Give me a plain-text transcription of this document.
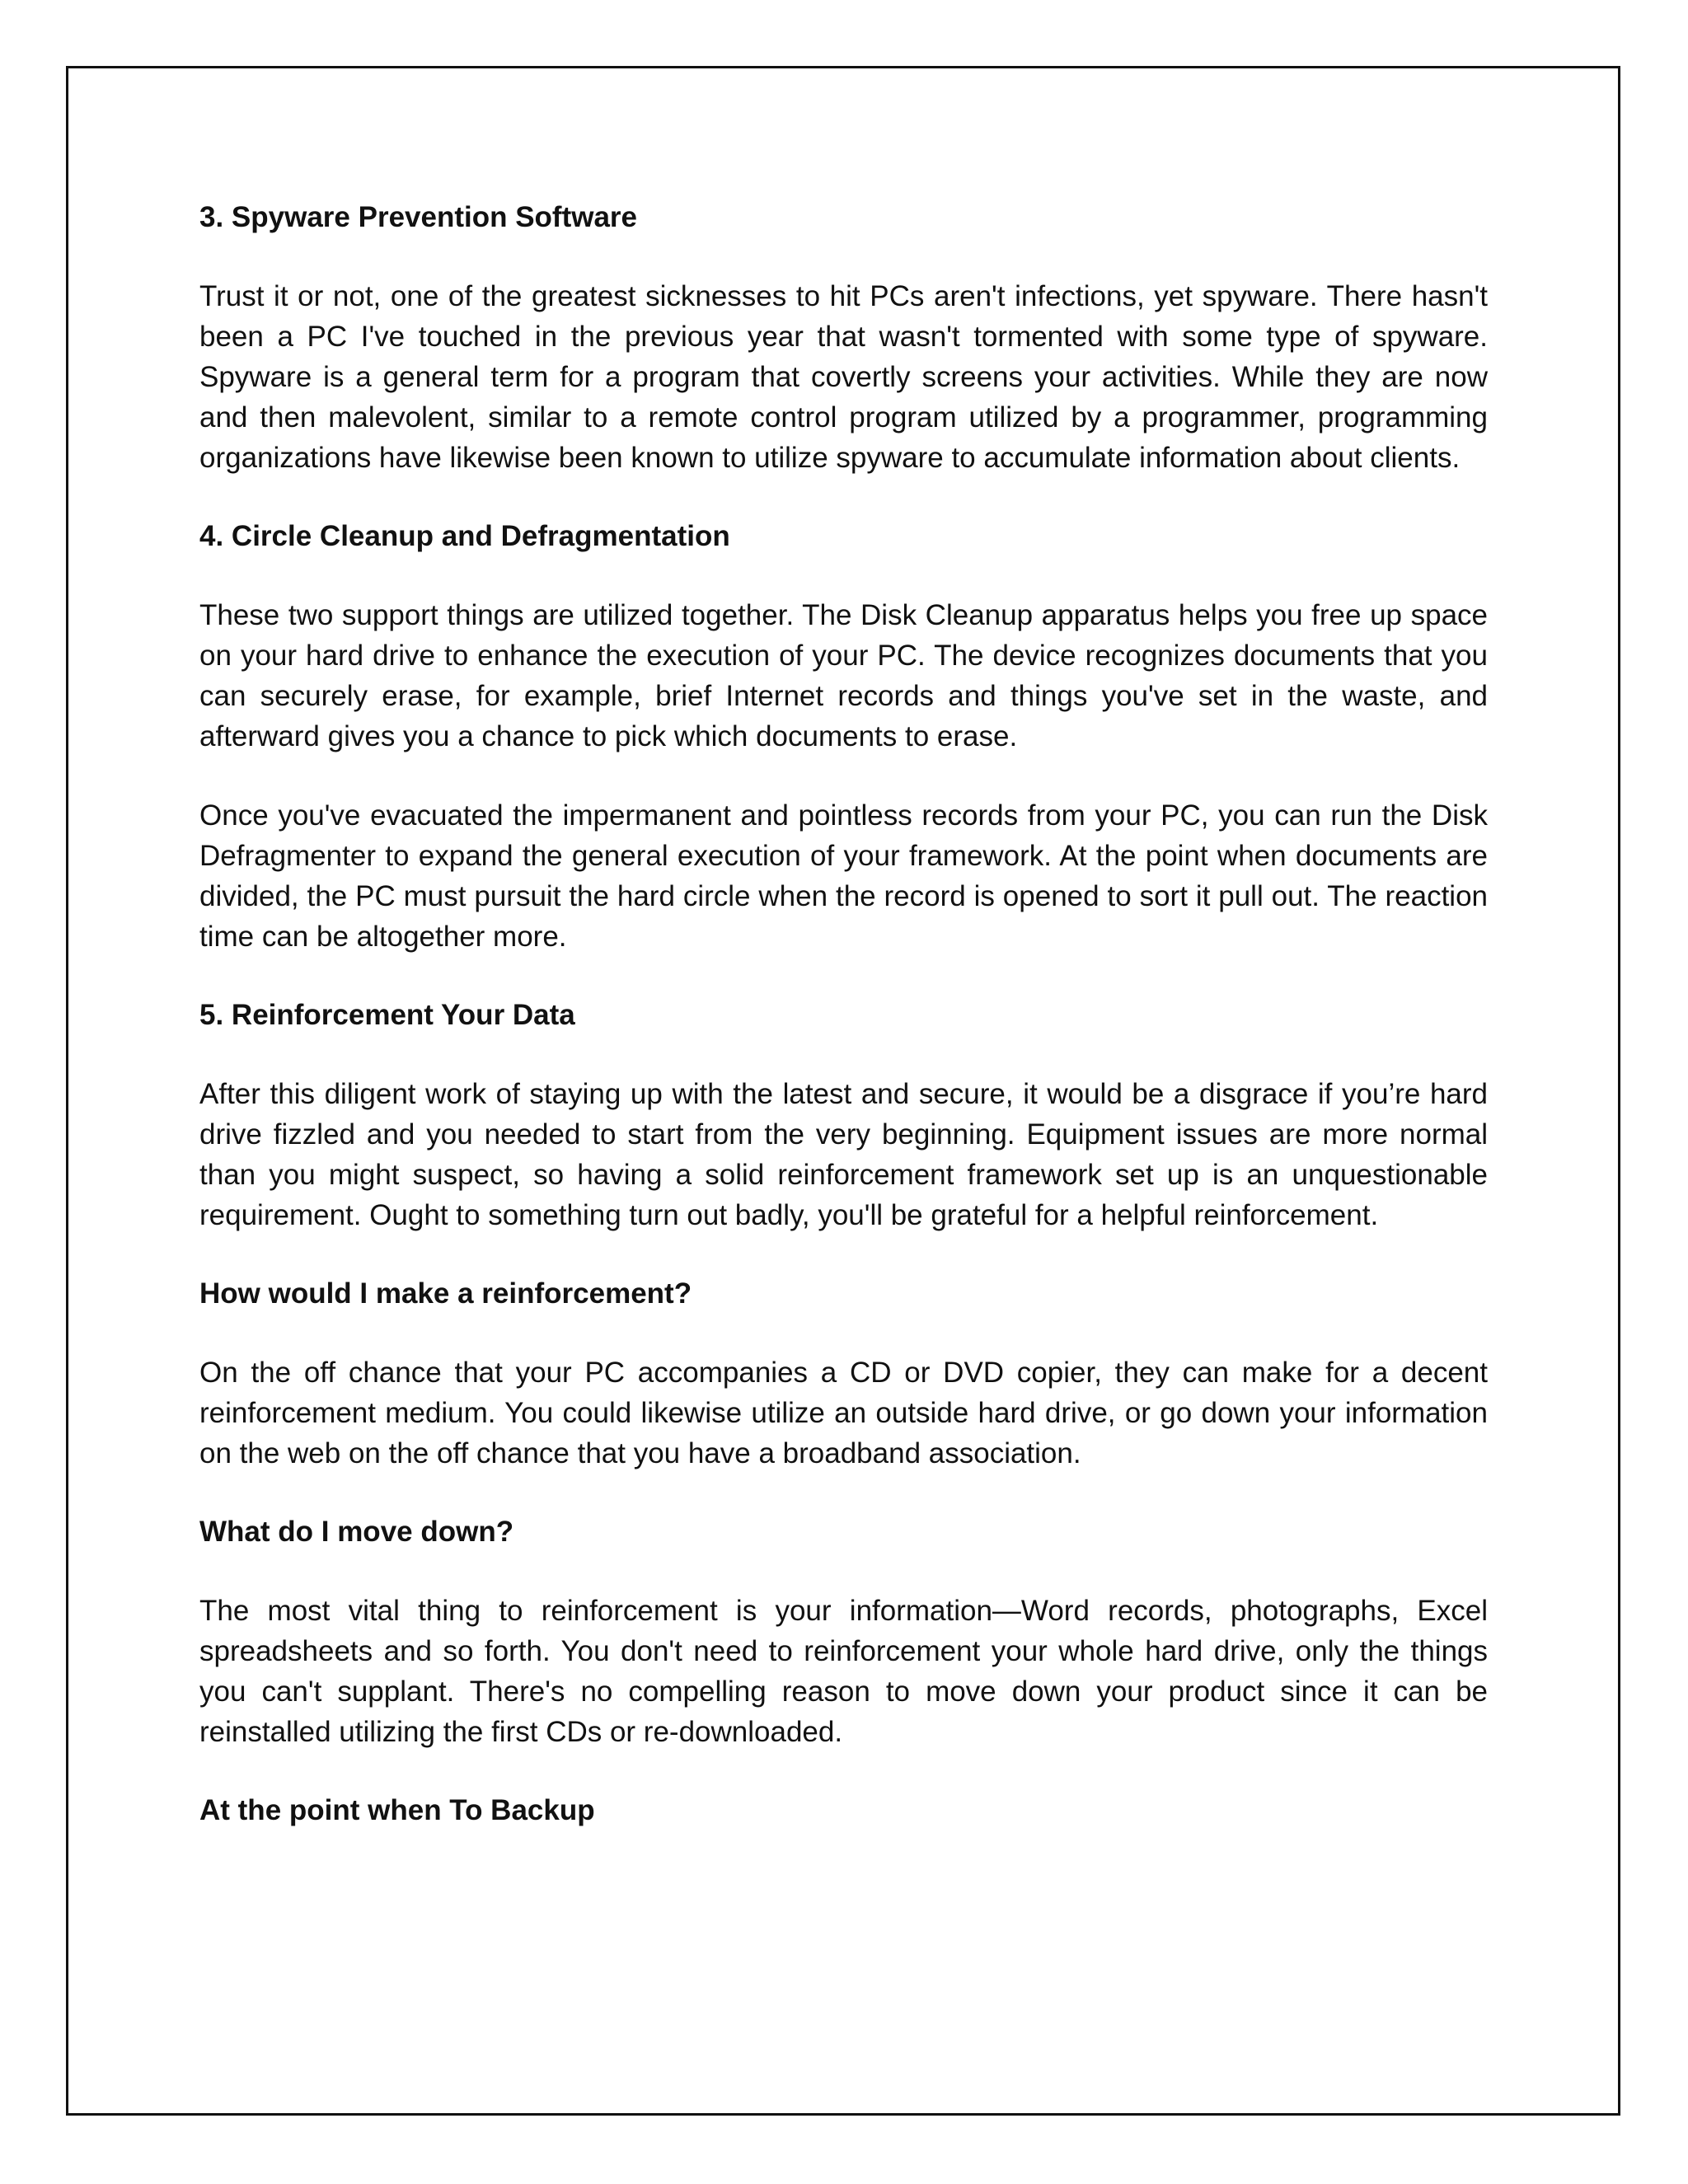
3. Spyware Prevention Software
Trust it or not, one of the greatest sicknesses to hit PCs aren't infections, yet spyware. There hasn't been a PC I've touched in the previous year that wasn't tormented with some type of spyware. Spyware is a general term for a program that covertly screens your activities. While they are now and then malevolent, similar to a remote control program utilized by a programmer, programming organizations have likewise been known to utilize spyware to accumulate information about clients.
4. Circle Cleanup and Defragmentation
These two support things are utilized together. The Disk Cleanup apparatus helps you free up space on your hard drive to enhance the execution of your PC. The device recognizes documents that you can securely erase, for example, brief Internet records and things you've set in the waste, and afterward gives you a chance to pick which documents to erase.
Once you've evacuated the impermanent and pointless records from your PC, you can run the Disk Defragmenter to expand the general execution of your framework. At the point when documents are divided, the PC must pursuit the hard circle when the record is opened to sort it pull out. The reaction time can be altogether more.
5. Reinforcement Your Data
After this diligent work of staying up with the latest and secure, it would be a disgrace if you’re hard drive fizzled and you needed to start from the very beginning. Equipment issues are more normal than you might suspect, so having a solid reinforcement framework set up is an unquestionable requirement. Ought to something turn out badly, you'll be grateful for a helpful reinforcement.
How would I make a reinforcement?
On the off chance that your PC accompanies a CD or DVD copier, they can make for a decent reinforcement medium. You could likewise utilize an outside hard drive, or go down your information on the web on the off chance that you have a broadband association.
What do I move down?
The most vital thing to reinforcement is your information—Word records, photographs, Excel spreadsheets and so forth. You don't need to reinforcement your whole hard drive, only the things you can't supplant. There's no compelling reason to move down your product since it can be reinstalled utilizing the first CDs or re-downloaded.
At the point when To Backup
